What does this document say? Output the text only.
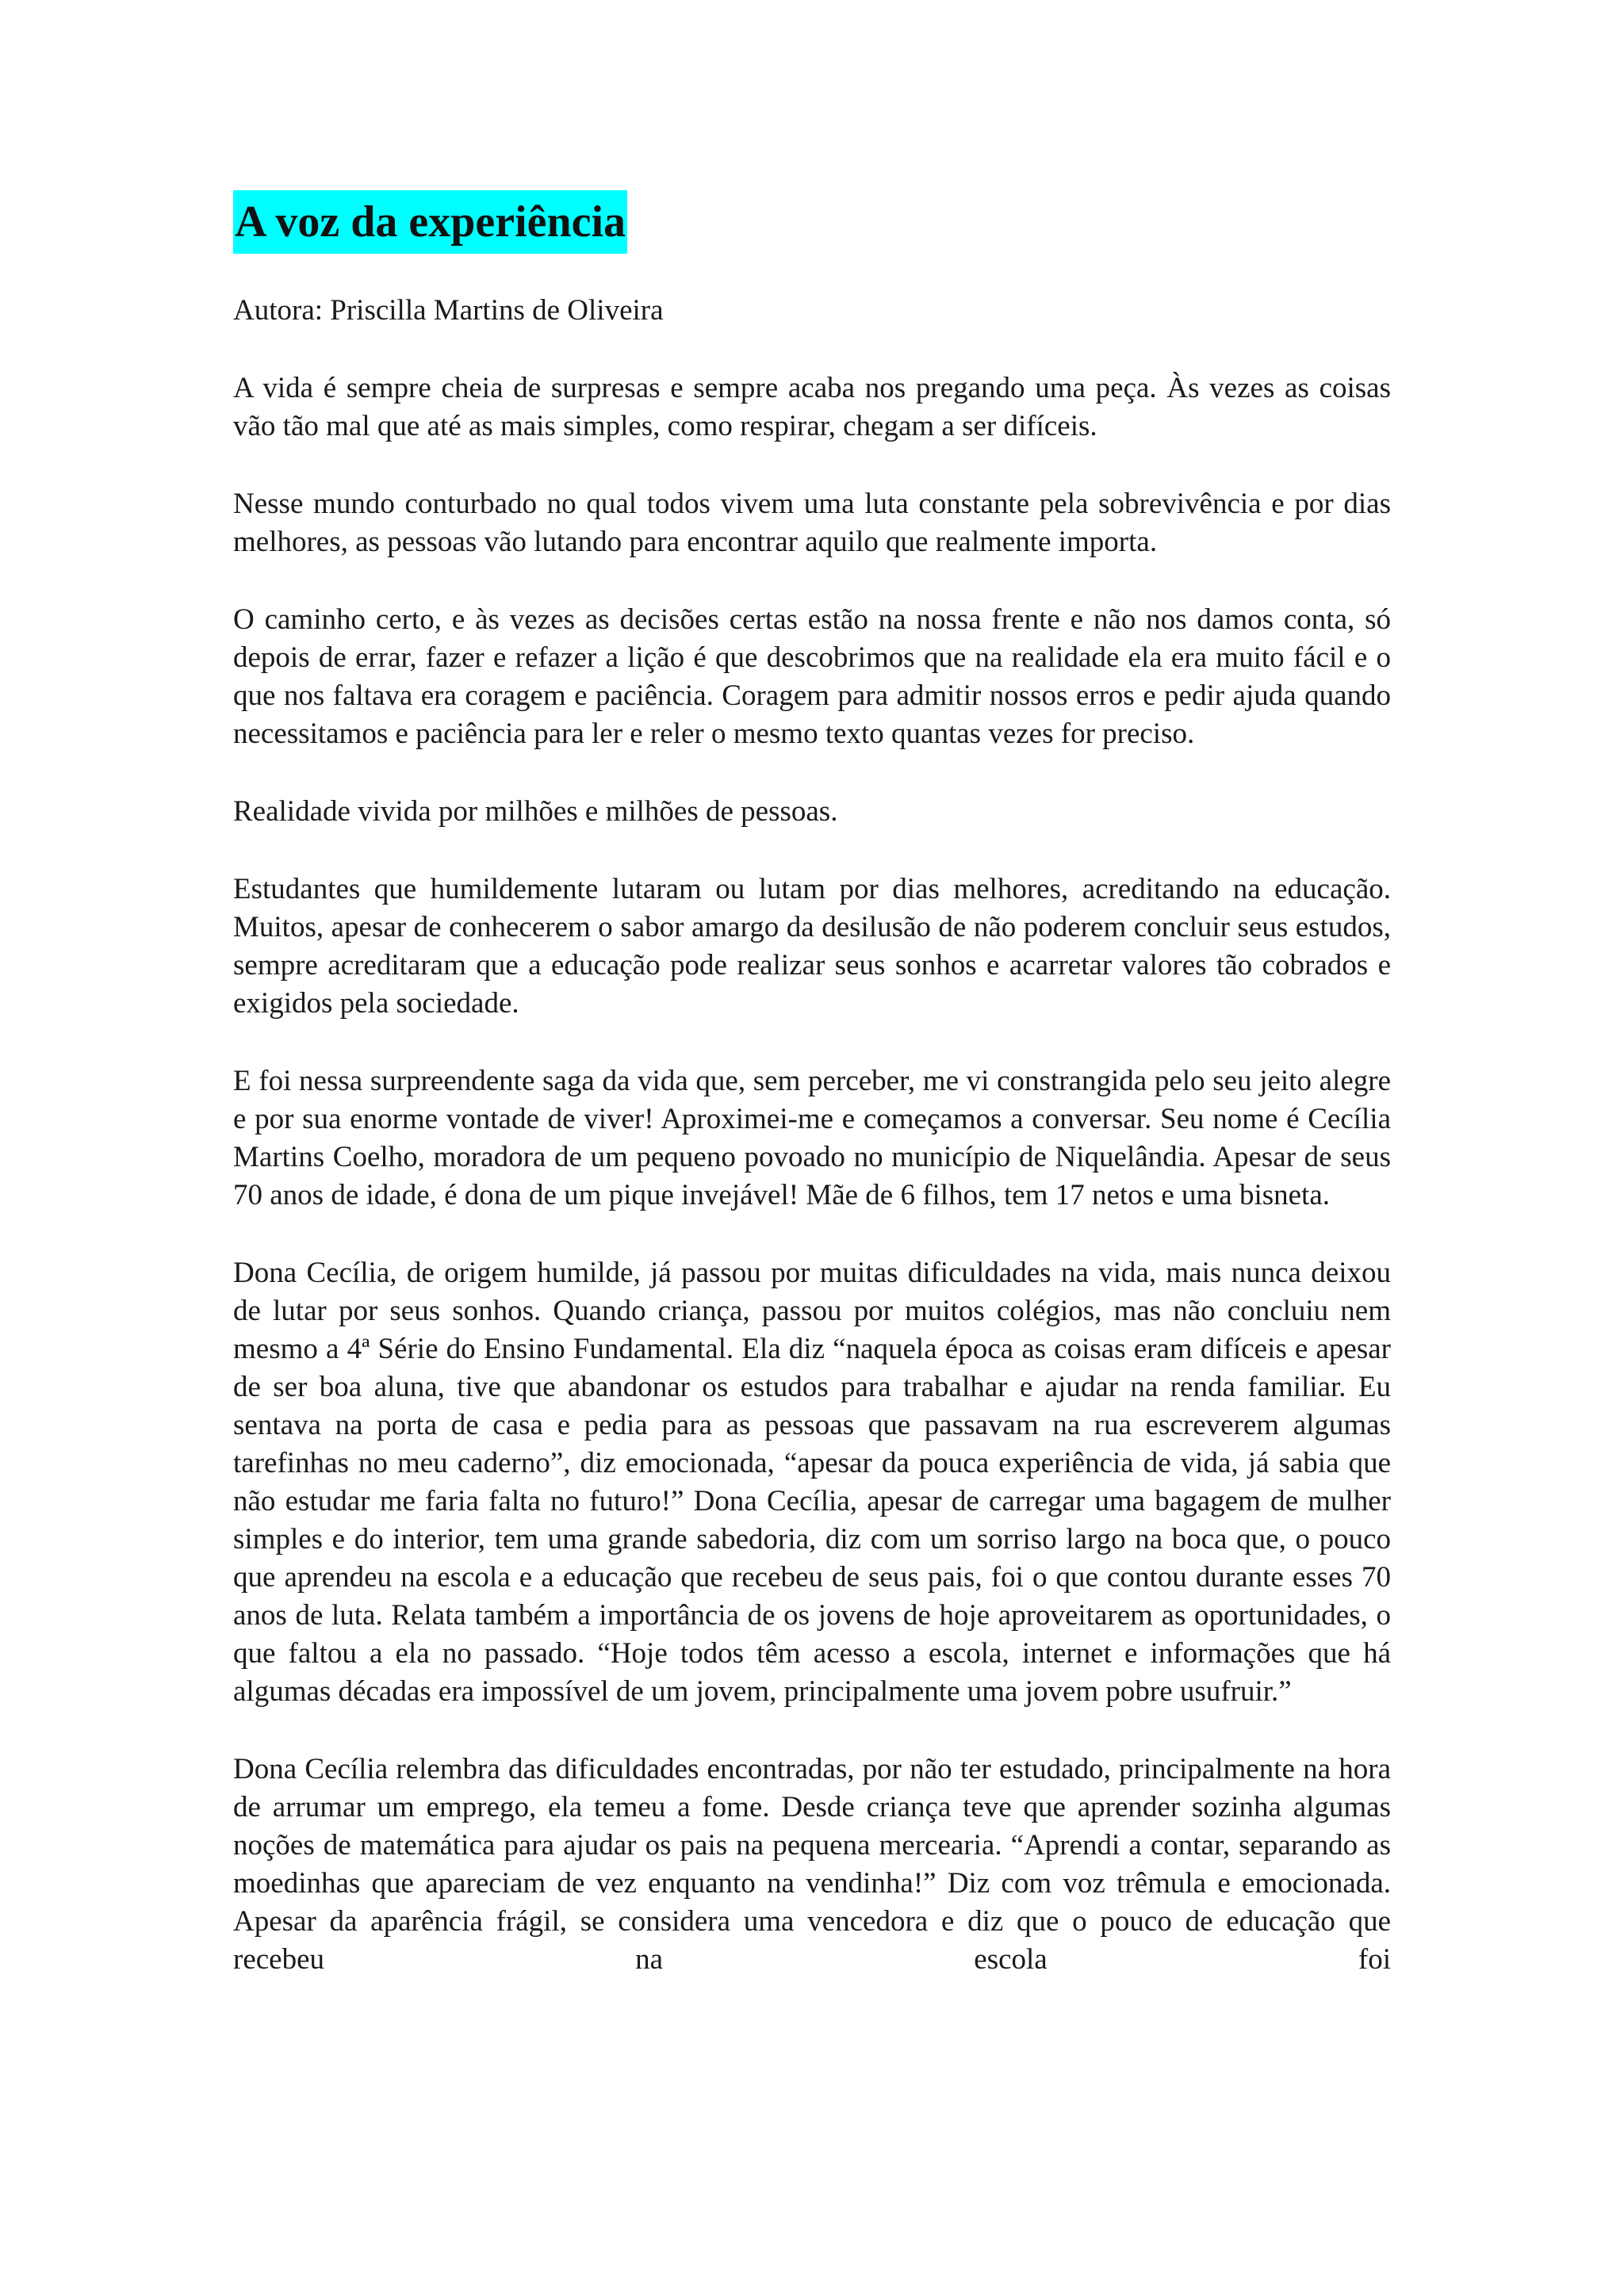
A voz da experiência

Autora: Priscilla Martins de Oliveira

A vida é sempre cheia de surpresas e sempre acaba nos pregando uma peça. Às vezes as coisas vão tão mal que até as mais simples, como respirar, chegam a ser difíceis.

Nesse mundo conturbado no qual todos vivem uma luta constante pela sobrevivência e por dias melhores, as pessoas vão lutando para encontrar aquilo que realmente importa.

O caminho certo, e às vezes as decisões certas estão na nossa frente e não nos damos conta, só depois de errar, fazer e refazer a lição é que descobrimos que na realidade ela era muito fácil e o que nos faltava era coragem e paciência. Coragem para admitir nossos erros e pedir ajuda quando necessitamos e paciência para ler e reler o mesmo texto quantas vezes for preciso.

Realidade vivida por milhões e milhões de pessoas.

Estudantes que humildemente lutaram ou lutam por dias melhores, acreditando na educação. Muitos, apesar de conhecerem o sabor amargo da desilusão de não poderem concluir seus estudos, sempre acreditaram que a educação pode realizar seus sonhos e acarretar valores tão cobrados e exigidos pela sociedade.

E foi nessa surpreendente saga da vida que, sem perceber, me vi constrangida pelo seu jeito alegre e por sua enorme vontade de viver! Aproximei-me e começamos a conversar. Seu nome é Cecília Martins Coelho, moradora de um pequeno povoado no município de Niquelândia. Apesar de seus 70 anos de idade, é dona de um pique invejável! Mãe de 6 filhos, tem 17 netos e uma bisneta.

Dona Cecília, de origem humilde, já passou por muitas dificuldades na vida, mais nunca deixou de lutar por seus sonhos. Quando criança, passou por muitos colégios, mas não concluiu nem mesmo a 4ª Série do Ensino Fundamental. Ela diz “naquela época as coisas eram difíceis e apesar de ser boa aluna, tive que abandonar os estudos para trabalhar e ajudar na renda familiar. Eu sentava na porta de casa e pedia para as pessoas que passavam na rua escreverem algumas tarefinhas no meu caderno”, diz emocionada, “apesar da pouca experiência de vida, já sabia que não estudar me faria falta no futuro!” Dona Cecília, apesar de carregar uma bagagem de mulher simples e do interior, tem uma grande sabedoria, diz com um sorriso largo na boca que, o pouco que aprendeu na escola e a educação que recebeu de seus pais, foi o que contou durante esses 70 anos de luta. Relata também a importância de os jovens de hoje aproveitarem as oportunidades, o que faltou a ela no passado. “Hoje todos têm acesso a escola, internet e informações que há algumas décadas era impossível de um jovem, principalmente uma jovem pobre usufruir.”

Dona Cecília relembra das dificuldades encontradas, por não ter estudado, principalmente na hora de arrumar um emprego, ela temeu a fome. Desde criança teve que aprender sozinha algumas noções de matemática para ajudar os pais na pequena mercearia. “Aprendi a contar, separando as moedinhas que apareciam de vez enquanto na vendinha!” Diz com voz trêmula e emocionada. Apesar da aparência frágil, se considera uma vencedora e diz que o pouco de educação que recebeu na escola foi
